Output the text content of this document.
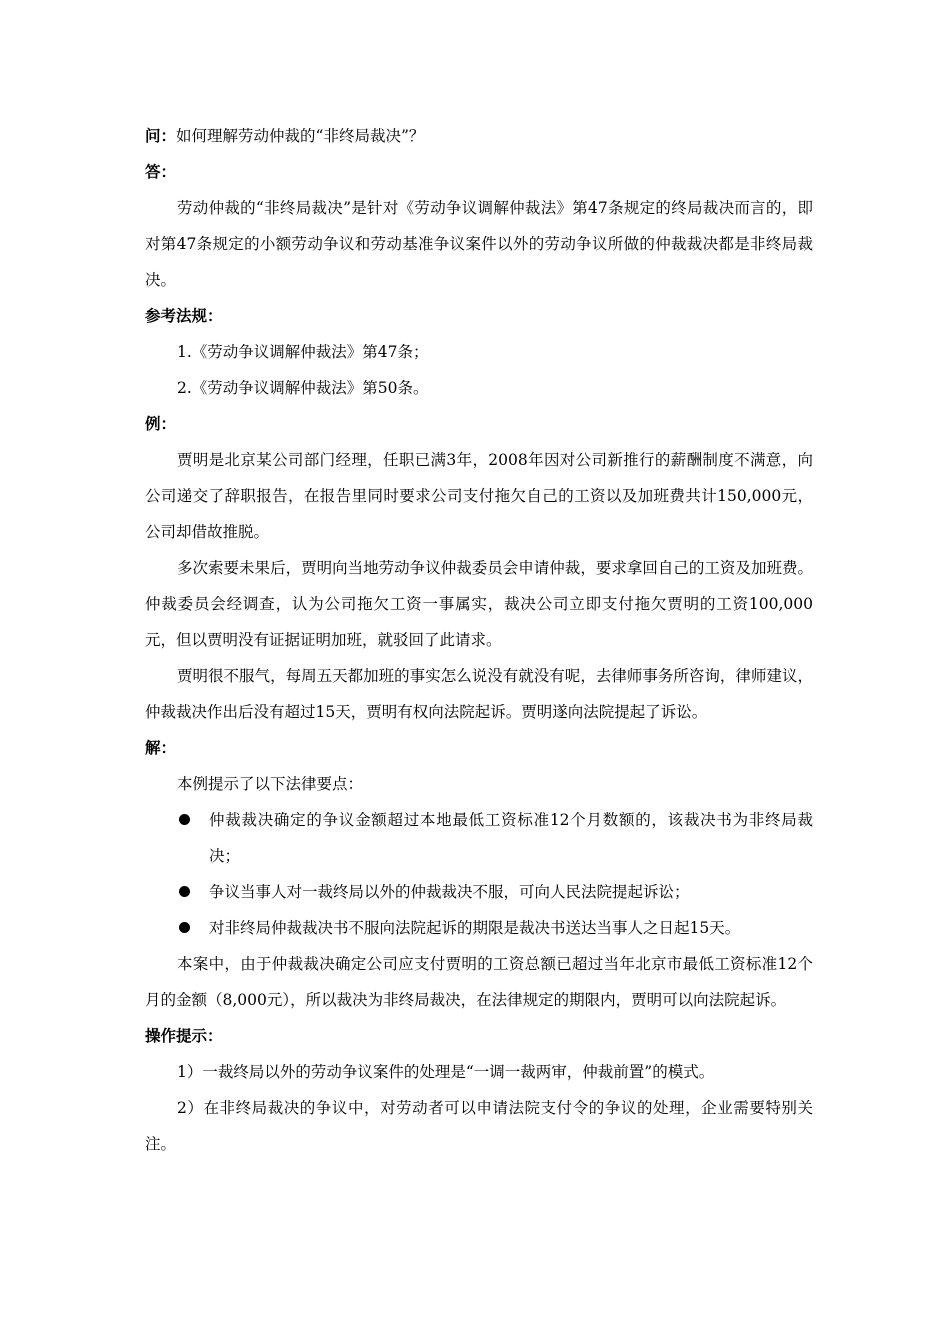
问：如何理解劳动仲裁的“非终局裁决”？

答：

劳动仲裁的“非终局裁决”是针对《劳动争议调解仲裁法》第47条规定的终局裁决而言的，即对第47条规定的小额劳动争议和劳动基准争议案件以外的劳动争议所做的仲裁裁决都是非终局裁决。

参考法规：

1.《劳动争议调解仲裁法》第47条；

2.《劳动争议调解仲裁法》第50条。

例：

贾明是北京某公司部门经理，任职已满3年，2008年因对公司新推行的薪酬制度不满意，向公司递交了辞职报告，在报告里同时要求公司支付拖欠自己的工资以及加班费共计150,000元，公司却借故推脱。

多次索要未果后，贾明向当地劳动争议仲裁委员会申请仲裁，要求拿回自己的工资及加班费。仲裁委员会经调查，认为公司拖欠工资一事属实，裁决公司立即支付拖欠贾明的工资100,000元，但以贾明没有证据证明加班，就驳回了此请求。

贾明很不服气，每周五天都加班的事实怎么说没有就没有呢，去律师事务所咨询，律师建议，仲裁裁决作出后没有超过15天，贾明有权向法院起诉。贾明遂向法院提起了诉讼。

解：

本例提示了以下法律要点：

仲裁裁决确定的争议金额超过本地最低工资标准12个月数额的，该裁决书为非终局裁决；
争议当事人对一裁终局以外的仲裁裁决不服，可向人民法院提起诉讼；
对非终局仲裁裁决书不服向法院起诉的期限是裁决书送达当事人之日起15天。

本案中，由于仲裁裁决确定公司应支付贾明的工资总额已超过当年北京市最低工资标准12个月的金额（8,000元），所以裁决为非终局裁决，在法律规定的期限内，贾明可以向法院起诉。

操作提示：

1）一裁终局以外的劳动争议案件的处理是“一调一裁两审，仲裁前置”的模式。

2）在非终局裁决的争议中，对劳动者可以申请法院支付令的争议的处理，企业需要特别关注。
